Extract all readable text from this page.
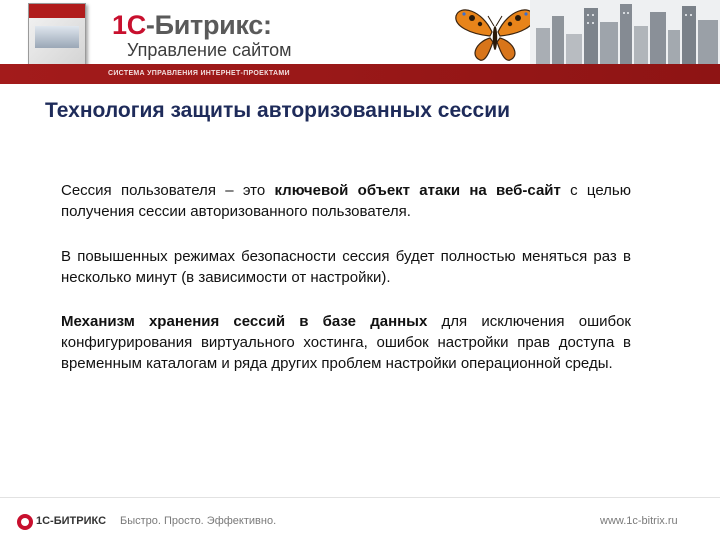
1С-Битрикс:
Управление сайтом
СИСТЕМА УПРАВЛЕНИЯ ИНТЕРНЕТ-ПРОЕКТАМИ
Технология защиты авторизованных сессии
Сессия пользователя – это ключевой объект атаки на веб-сайт с целью получения сессии авторизованного пользователя.
В повышенных режимах безопасности сессия будет полностью меняться раз в несколько минут (в зависимости от настройки).
Механизм хранения сессий в базе данных для исключения ошибок конфигурирования виртуального хостинга, ошибок настройки прав доступа в временным каталогам и ряда других проблем настройки операционной среды.
1С-БИТРИКС Быстро. Просто. Эффективно.	www.1c-bitrix.ru
